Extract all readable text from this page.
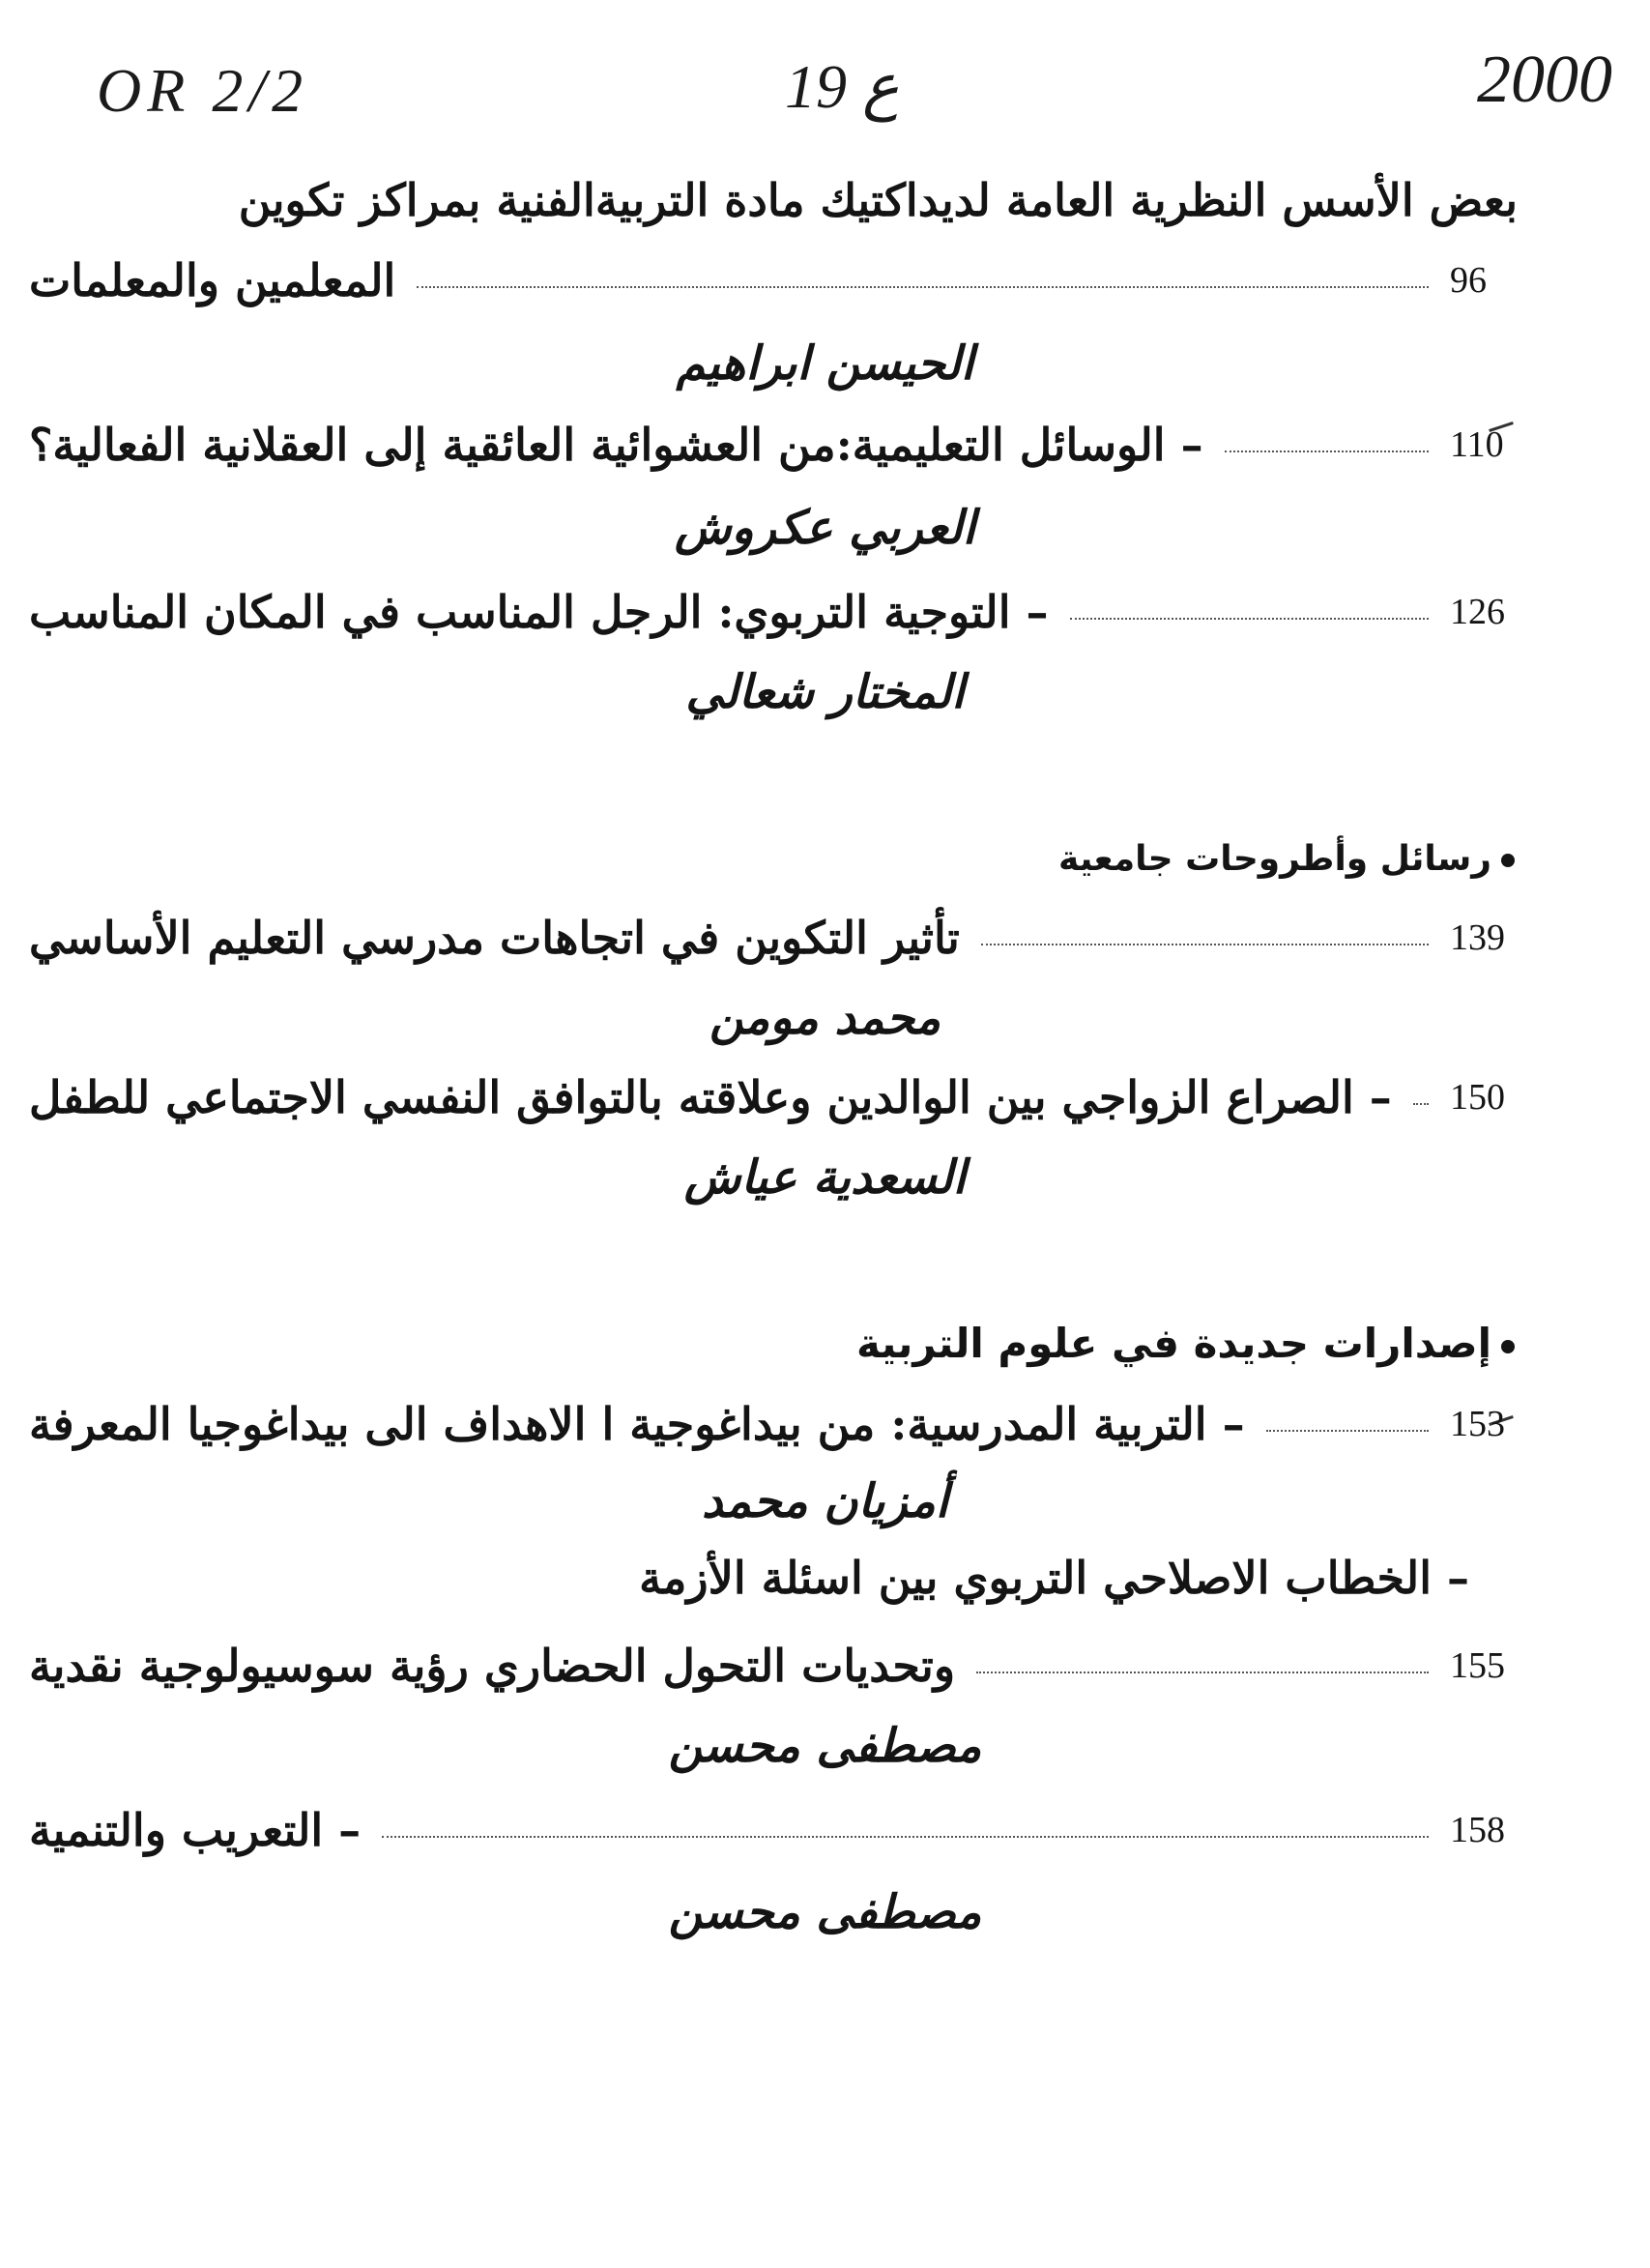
OR 2/2	19 ع	2000
بعض الأسس النظرية العامة لديداكتيك مادة التربيةالفنية بمراكز تكوين
المعلمين والمعلمات	96
الحيسن ابراهيم
– الوسائل التعليمية:من العشوائية العائقية إلى العقلانية الفعالية؟	110
العربي عكروش
– التوجية التربوي: الرجل المناسب في المكان المناسب	126
المختار شعالي
رسائل وأطروحات جامعية
تأثير التكوين في اتجاهات مدرسي التعليم الأساسي	139
محمد مومن
– الصراع الزواجي بين الوالدين وعلاقته بالتوافق النفسي الاجتماعي للطفل 150
السعدية عياش
إصدارات جديدة في علوم التربية
– التربية المدرسية: من بيداغوجية ا الاهداف الى بيداغوجيا المعرفة	153
أمزيان محمد
– الخطاب الاصلاحي التربوي بين اسئلة الأزمة
وتحديات التحول الحضاري رؤية سوسيولوجية نقدية	155
مصطفى محسن
– التعريب والتنمية	158
مصطفى محسن
